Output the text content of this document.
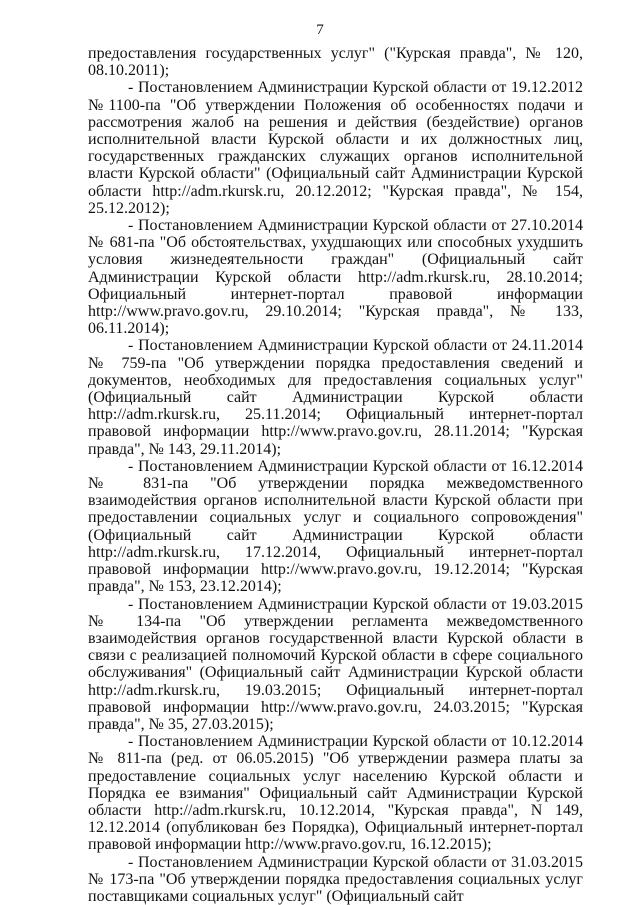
7

предоставления государственных услуг" ("Курская правда", № 120, 08.10.2011);

- Постановлением Администрации Курской области от 19.12.2012 №1100-па "Об утверждении Положения об особенностях подачи и рассмотрения жалоб на решения и действия (бездействие) органов исполнительной власти Курской области и их должностных лиц, государственных гражданских служащих органов исполнительной власти Курской области" (Официальный сайт Администрации Курской области http://adm.rkursk.ru, 20.12.2012; "Курская правда", № 154, 25.12.2012);

- Постановлением Администрации Курской области от 27.10.2014 № 681-па "Об обстоятельствах, ухудшающих или способных ухудшить условия жизнедеятельности граждан" (Официальный сайт Администрации Курской области http://adm.rkursk.ru, 28.10.2014; Официальный интернет-портал правовой информации http://www.pravo.gov.ru, 29.10.2014; "Курская правда", № 133, 06.11.2014);

- Постановлением Администрации Курской области от 24.11.2014 № 759-па "Об утверждении порядка предоставления сведений и документов, необходимых для предоставления социальных услуг" (Официальный сайт Администрации Курской области http://adm.rkursk.ru, 25.11.2014; Официальный интернет-портал правовой информации http://www.pravo.gov.ru, 28.11.2014; "Курская правда", № 143, 29.11.2014);

- Постановлением Администрации Курской области от 16.12.2014 № 831-па "Об утверждении порядка межведомственного взаимодействия органов исполнительной власти Курской области при предоставлении социальных услуг и социального сопровождения" (Официальный сайт Администрации Курской области http://adm.rkursk.ru, 17.12.2014, Официальный интернет-портал правовой информации http://www.pravo.gov.ru, 19.12.2014; "Курская правда", № 153, 23.12.2014);

- Постановлением Администрации Курской области от 19.03.2015 № 134-па "Об утверждении регламента межведомственного взаимодействия органов государственной власти Курской области в связи с реализацией полномочий Курской области в сфере социального обслуживания" (Официальный сайт Администрации Курской области http://adm.rkursk.ru, 19.03.2015; Официальный интернет-портал правовой информации http://www.pravo.gov.ru, 24.03.2015; "Курская правда", № 35, 27.03.2015);

- Постановлением Администрации Курской области от 10.12.2014 № 811-па (ред. от 06.05.2015) "Об утверждении размера платы за предоставление социальных услуг населению Курской области и Порядка ее взимания" Официальный сайт Администрации Курской области http://adm.rkursk.ru, 10.12.2014, "Курская правда", N 149, 12.12.2014 (опубликован без Порядка), Официальный интернет-портал правовой информации http://www.pravo.gov.ru, 16.12.2015);

- Постановлением Администрации Курской области от 31.03.2015 № 173-па "Об утверждении порядка предоставления социальных услуг поставщиками социальных услуг" (Официальный сайт
